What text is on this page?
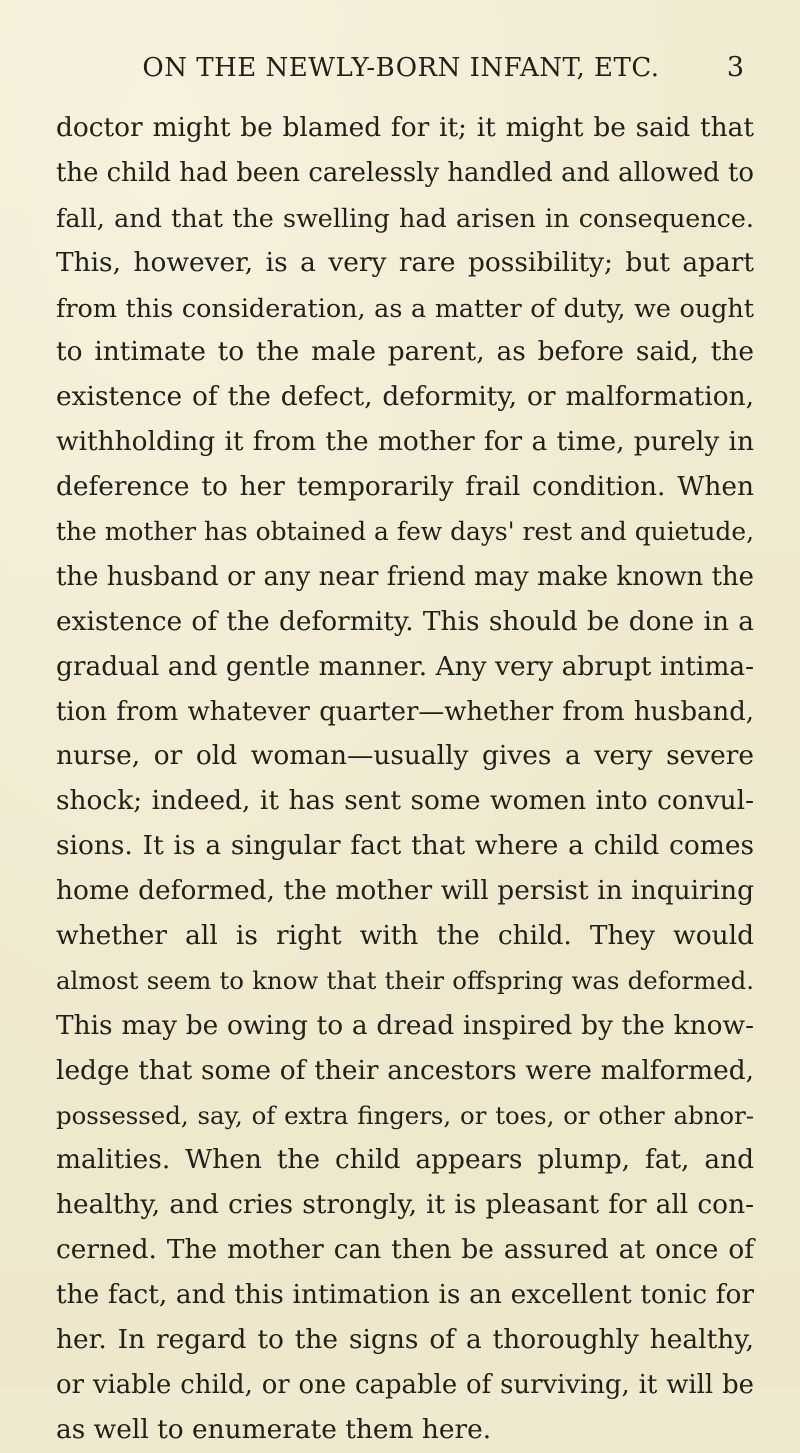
ON THE NEWLY-BORN INFANT, ETC.	3
doctor might be blamed for it; it might be said that
the child had been carelessly handled and allowed to
fall, and that the swelling had arisen in consequence.
This, however, is a very rare possibility; but apart
from this consideration, as a matter of duty, we ought
to intimate to the male parent, as before said, the
existence of the defect, deformity, or malformation,
withholding it from the mother for a time, purely in
deference to her temporarily frail condition. When
the mother has obtained a few days' rest and quietude,
the husband or any near friend may make known the
existence of the deformity. This should be done in a
gradual and gentle manner. Any very abrupt intima-
tion from whatever quarter—whether from husband,
nurse, or old woman—usually gives a very severe
shock; indeed, it has sent some women into convul-
sions. It is a singular fact that where a child comes
home deformed, the mother will persist in inquiring
whether all is right with the child. They would
almost seem to know that their offspring was deformed.
This may be owing to a dread inspired by the know-
ledge that some of their ancestors were malformed,
possessed, say, of extra fingers, or toes, or other abnor-
malities. When the child appears plump, fat, and
healthy, and cries strongly, it is pleasant for all con-
cerned. The mother can then be assured at once of
the fact, and this intimation is an excellent tonic for
her. In regard to the signs of a thoroughly healthy,
or viable child, or one capable of surviving, it will be
as well to enumerate them here.
